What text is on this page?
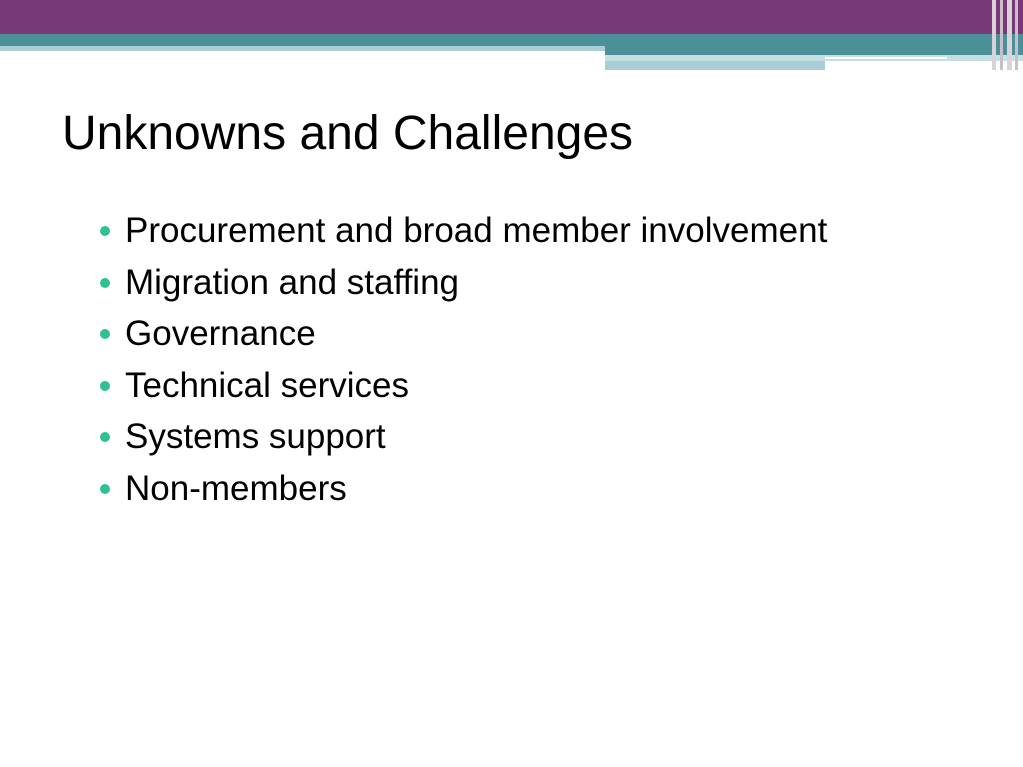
Unknowns and Challenges
Procurement and broad member involvement
Migration and staffing
Governance
Technical services
Systems support
Non-members
